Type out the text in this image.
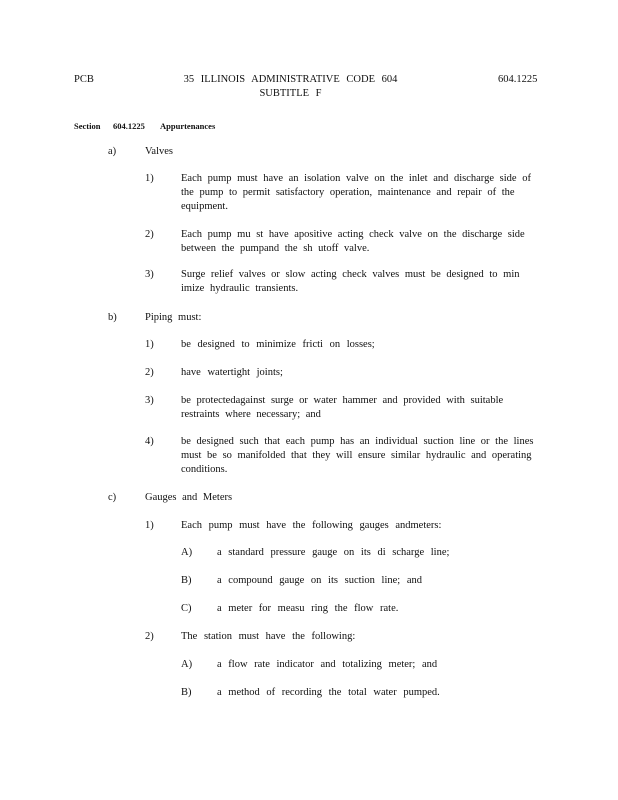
PCB	35 ILLINOIS ADMINISTRATIVE CODE 604
SUBTITLE F
604.1225
Section 604.1225 Appurtenances
a)	Valves
1)	Each pump must have an isolation valve on the inlet and discharge side of the pump to permit satisfactory operation, maintenance and repair of the equipment.
2)	Each pump mu st have apositive acting check valve on the discharge side between the pumpand the sh utoff valve.
3)	Surge relief valves or slow acting check valves must be designed to min imize hydraulic transients.
b)	Piping must:
1)	be designed to minimize fricti on losses;
2)	have watertight joints;
3)	be protectedagainst surge or water hammer and provided with suitable restraints where necessary; and
4)	be designed such that each pump has an individual suction line or the lines must be so manifolded that they will ensure similar hydraulic and operating conditions.
c)	Gauges and Meters
1)	Each pump must have the following gauges andmeters:
A) a standard pressure gauge on its di scharge line;
B) a compound gauge on its suction line; and
C) a meter for measu ring the flow rate.
2)	The station must have the following:
A) a flow rate indicator and totalizing meter; and
B) a method of recording the total water pumped.
